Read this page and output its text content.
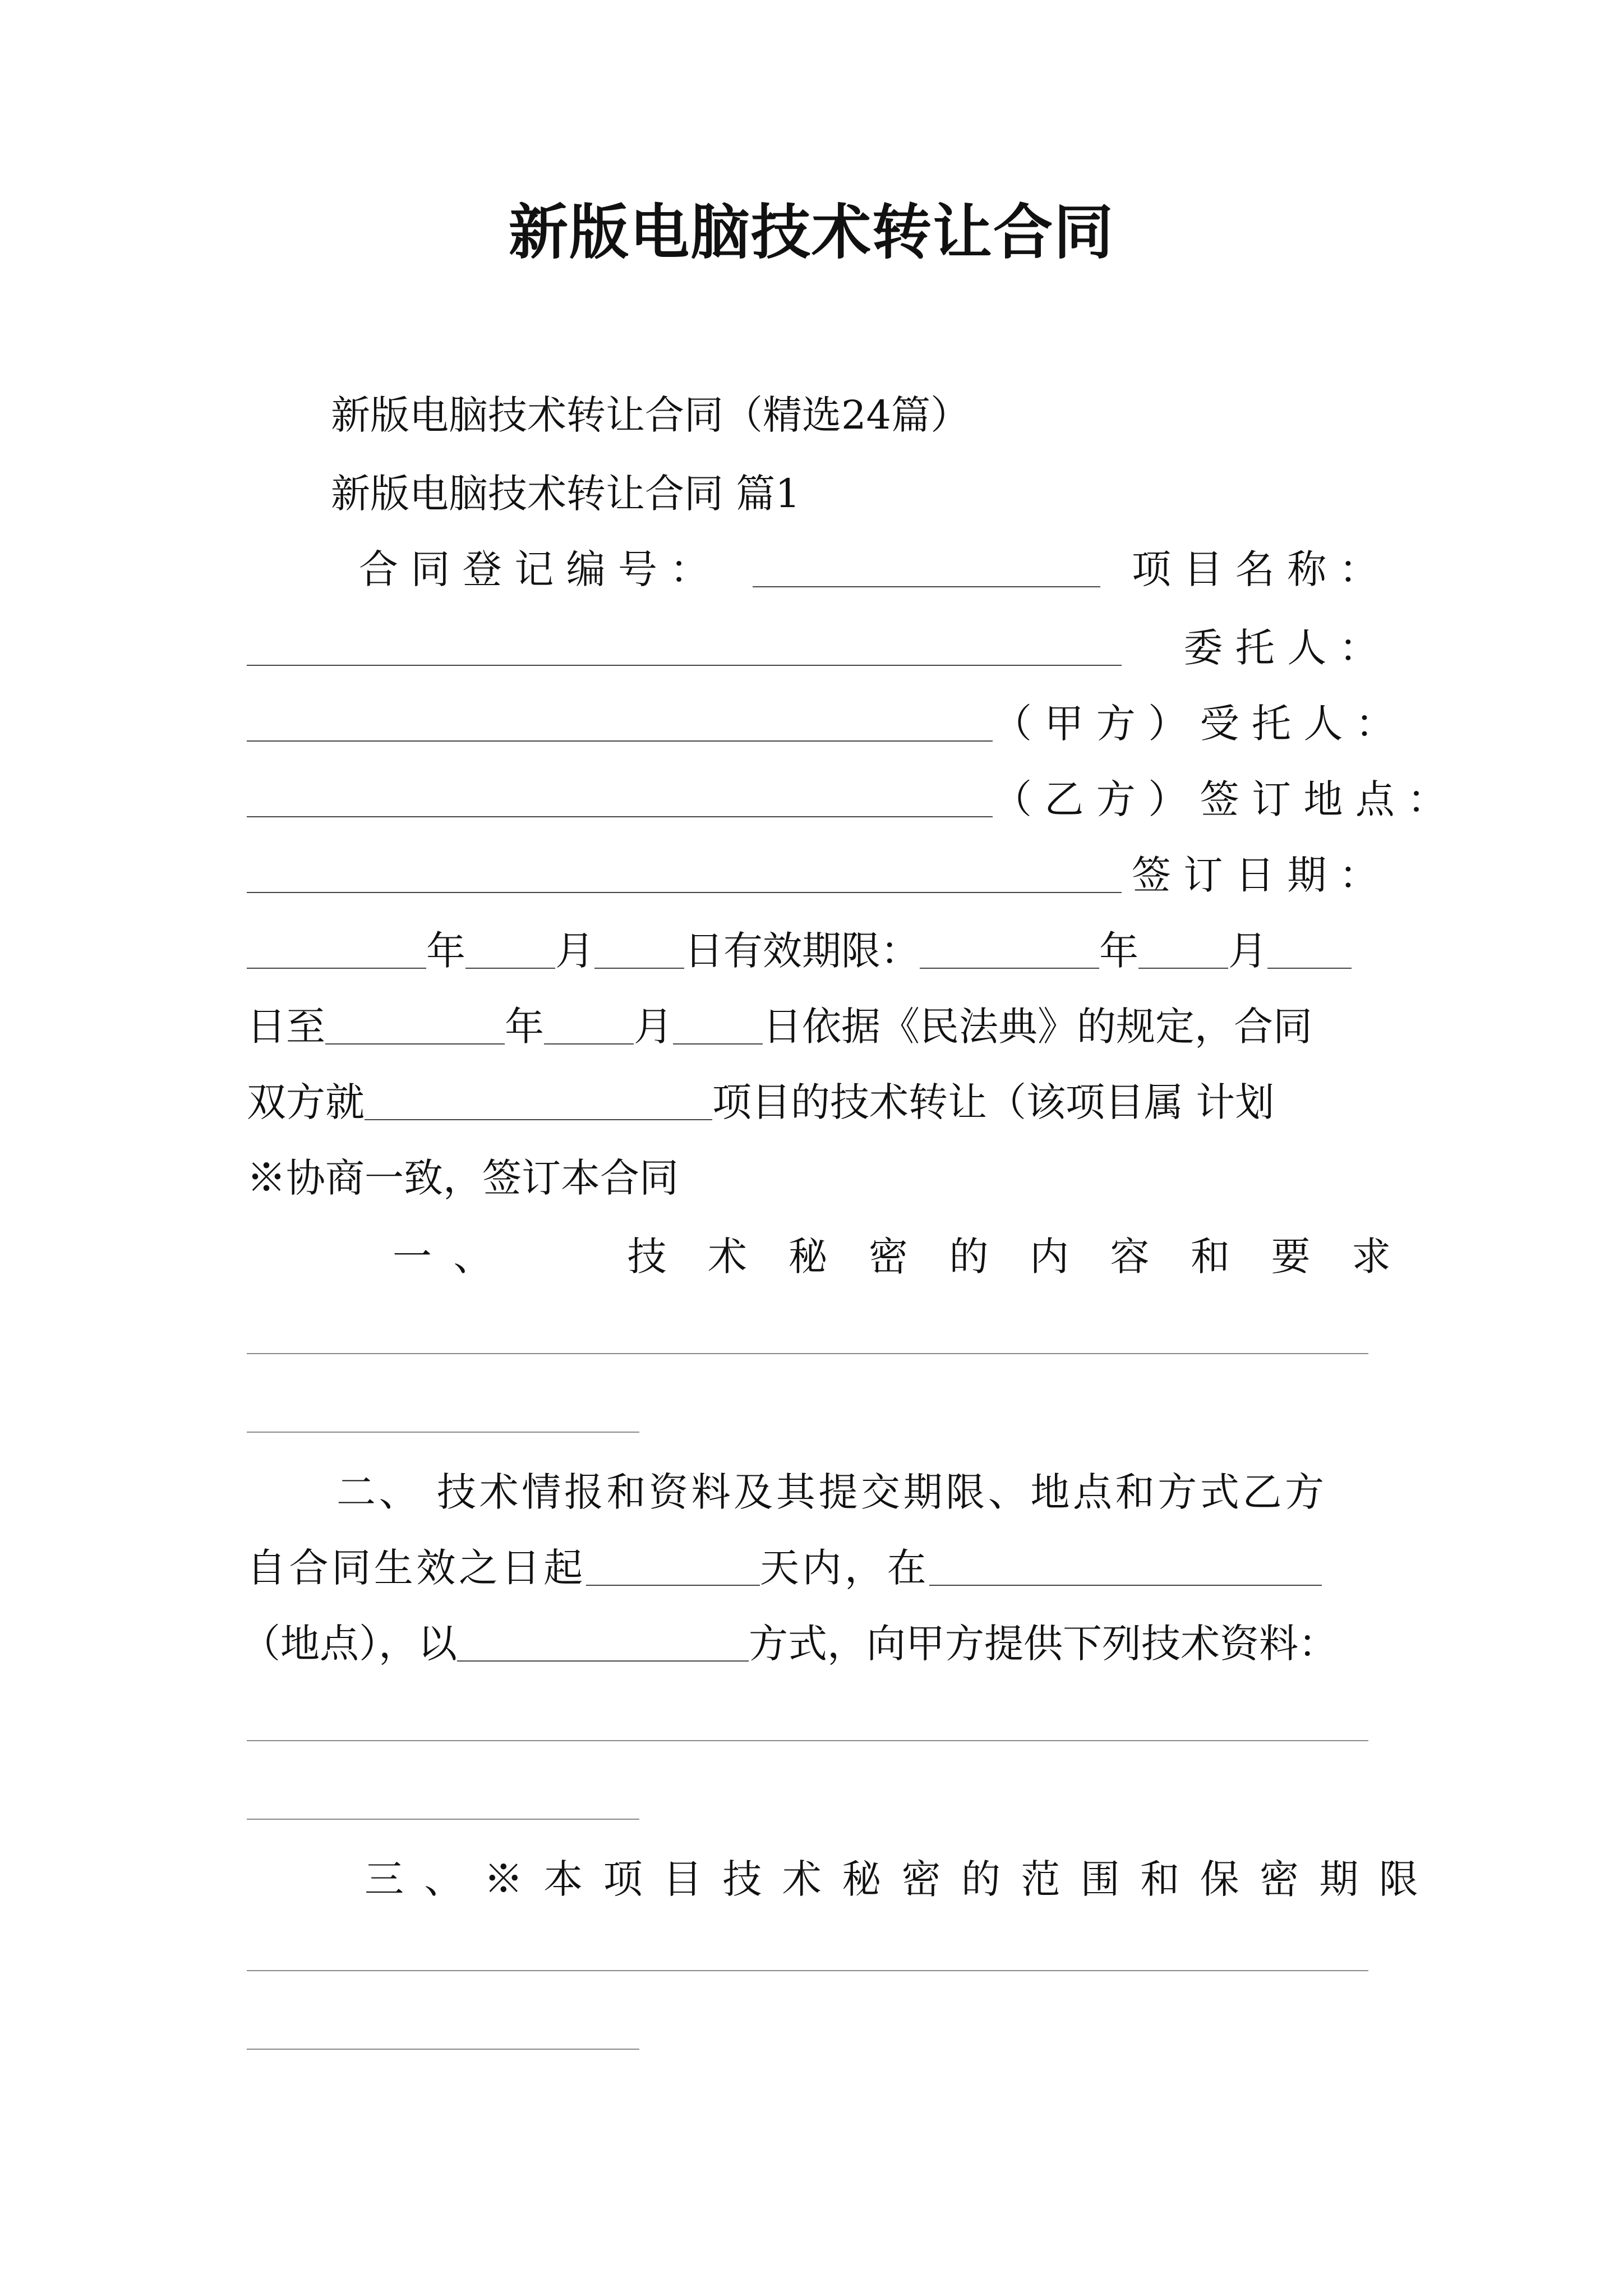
新版电脑技术转让合同
新版电脑技术转让合同（精选24篇）
新版电脑技术转让合同 篇1
合同登记编号：	项目名称：
委托人：
（甲方）受托人：
（乙方）签订地点：
签订日期：
年 月 日有效期限：	年 月
日至	年 月 日依据《民法典》的规定，合同
双方就	项目的技术转让（该项目属 计划
※协商一致，签订本合同
一、	技术秘密的内容和要求
二、 技术情报和资料及其提交期限、地点和方式乙方
自合同生效之日起	天内，在
（地点），以	方式，向甲方提供下列技术资料：
三、※本项目技术秘密的范围和保密期限
